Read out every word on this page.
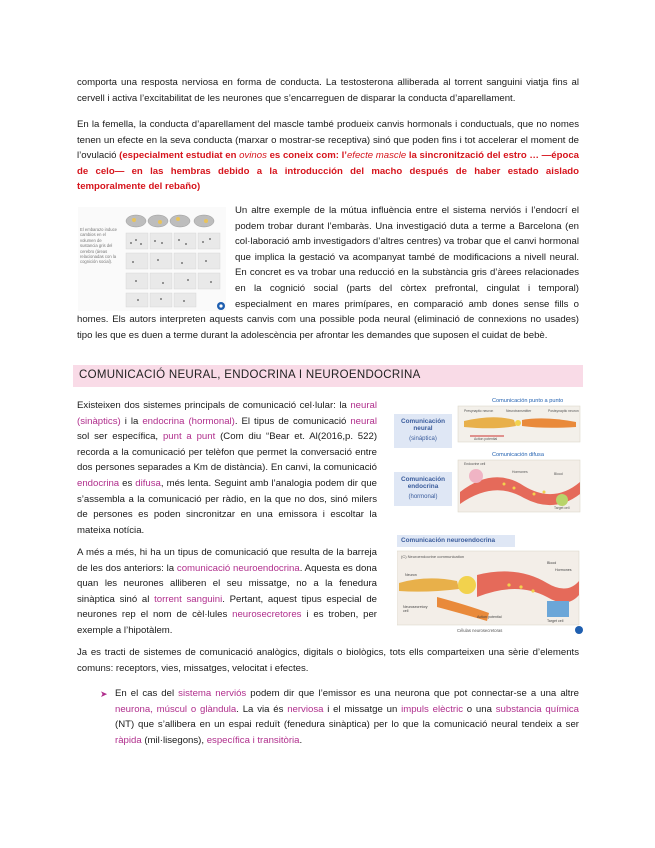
comporta una resposta nerviosa en forma de conducta. La testosterona alliberada al torrent sanguini viatja fins al cervell i activa l’excitabilitat de les neurones que s’encarreguen de disparar la conducta d’aparellament.

En la femella, la conducta d’aparellament del mascle també produeix canvis hormonals i conductuals, que no nomes tenen un efecte en la seva conducta (marxar o mostrar-se receptiva) sinó que poden fins i tot accelerar el moment de l’ovulació (especialment estudiat en ovinos es coneix com: l’efecte mascle la sincronització del estro … —época de celo— en las hembras debido a la introducción del macho después de haber estado aislado temporalmente del rebaño)

El embarazo induce cambios en el volumen de sustancia gris del cerebro (áreas relacionadas con la cognición social).

Un altre exemple de la mútua influència entre el sistema nerviós i l’endocrí el podem trobar durant l’embaràs. Una investigació duta a terme a Barcelona (en col·laboració amb investigadors d’altres centres) va trobar que el canvi hormonal que implica la gestació va acompanyat també de modificacions a nivell neural. En concret es va trobar una reducció en la substància gris d’àrees relacionades en la cognició social (parts del còrtex prefrontal, cingulat i temporal) especialment en mares primípares, en comparació amb dones sense fills o homes. Els autors interpreten aquests canvis com una possible poda neural (eliminació de connexions no usades) tipo les que es duen a terme durant la adolescència per afrontar les demandes que suposen el cuidat de bebè.

COMUNICACIÓ NEURAL, ENDOCRINA I NEUROENDOCRINA
Comunicación punto a punto
Comunicación neural
(sináptica)
Presynaptic neuron	Neurotransmitter	Postsynaptic neuron
Action potential
Comunicación difusa
Comunicación endocrina
(hormonal)
Endocrine cell
Hormones
Target cell
Blood

Existeixen dos sistemes principals de comunicació cel·lular: la neural (sinàptics) i la endocrina (hormonal). El tipus de comunicació neural sol ser específica, punt a punt (Com diu “Bear et. Al(2016,p. 522) recorda a la comunicació per telèfon que permet la conversació entre dos persones separades a Km de distància). En canvi, la comunicació endocrina es difusa, més lenta. Seguint amb l’analogia podem dir que s’assembla a la comunicació per ràdio, en la que no dos, sinó milers de persones es poden sincronitzar en una emissora i escoltar la mateixa notícia.

Comunicación neuroendocrina
(C) Neuroendocrine communication
Neuron
Blood
Hormones
Neurosecretory cell
Action potential
Target cell
Células neurosecretoras

A més a més, hi ha un tipus de comunicació que resulta de la barreja de les dos anteriors: la comunicació neuroendocrina. Aquesta es dona quan les neurones alliberen el seu missatge, no a la fenedura sinàptica sinó al torrent sanguini. Pertant, aquest tipus especial de neurones rep el nom de cèl·lules neurosecretores i es troben, per exemple a l’hipotàlem.

Ja es tracti de sistemes de comunicació analògics, digitals o biològics, tots ells comparteixen una sèrie d’elements comuns: receptors, vies, missatges, velocitat i efectes.

➤ En el cas del sistema nerviós podem dir que l’emissor es una neurona que pot connectar-se a una altre neurona, múscul o glàndula. La via és nerviosa i el missatge un impuls elèctric o una substancia química (NT) que s’allibera en un espai reduït (fenedura sinàptica) per lo que la comunicació neural tendeix a ser ràpida (mil·lisegons), específica i transitòria.
